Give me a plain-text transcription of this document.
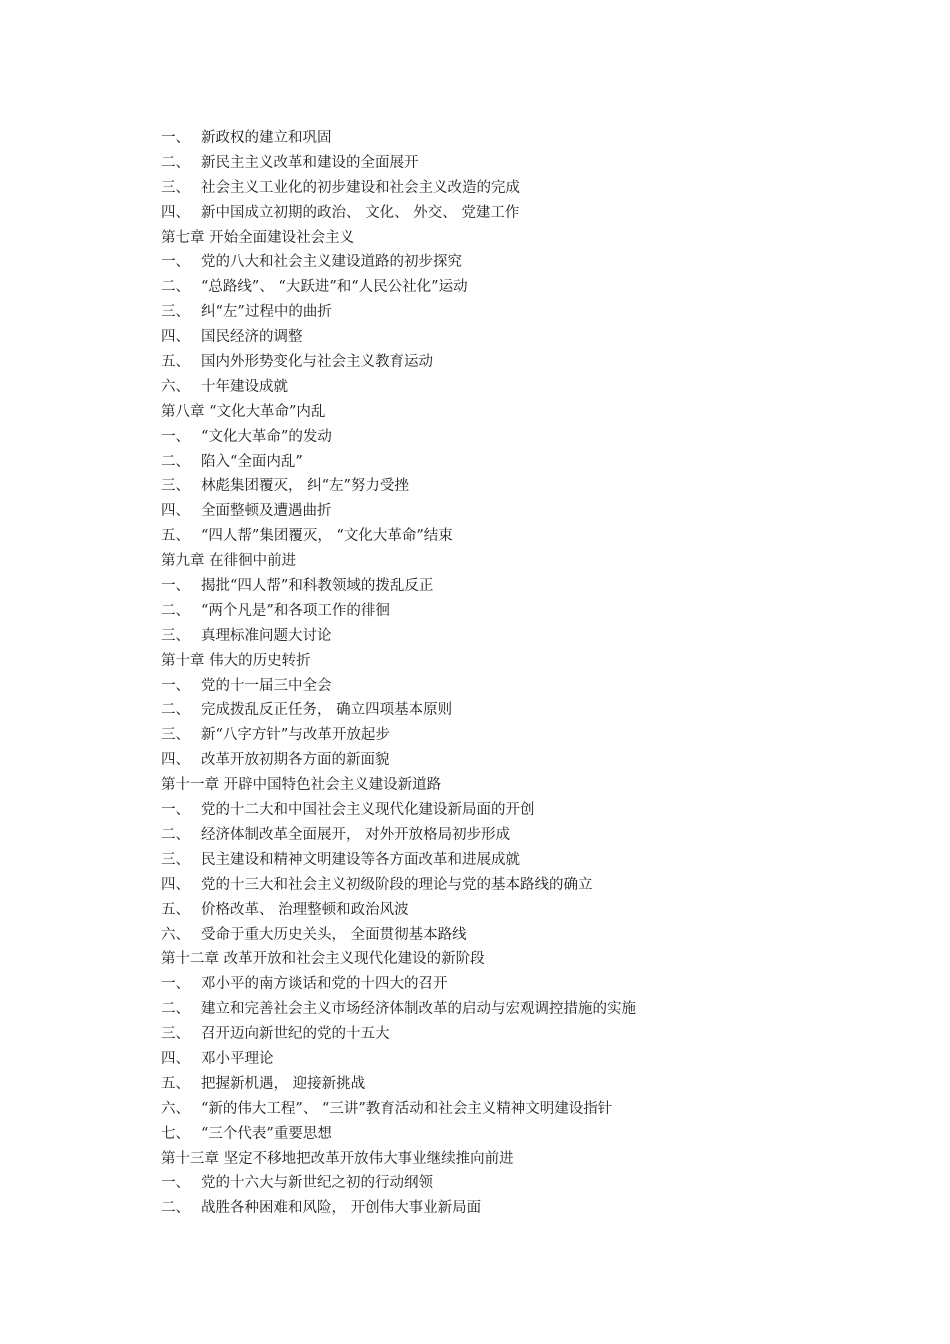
一、 新政权的建立和巩固
二、 新民主主义改革和建设的全面展开
三、 社会主义工业化的初步建设和社会主义改造的完成
四、 新中国成立初期的政治、 文化、 外交、 党建工作
第七章 开始全面建设社会主义
一、 党的八大和社会主义建设道路的初步探究
二、 “总路线”、 “大跃进”和“人民公社化”运动
三、 纠“左”过程中的曲折
四、 国民经济的调整
五、 国内外形势变化与社会主义教育运动
六、 十年建设成就
第八章 “文化大革命”内乱
一、 “文化大革命”的发动
二、 陷入“全面内乱”
三、 林彪集团覆灭， 纠“左”努力受挫
四、 全面整顿及遭遇曲折
五、 “四人帮”集团覆灭， “文化大革命”结束
第九章 在徘徊中前进
一、 揭批“四人帮”和科教领域的拨乱反正
二、 “两个凡是”和各项工作的徘徊
三、 真理标准问题大讨论
第十章 伟大的历史转折
一、 党的十一届三中全会
二、 完成拨乱反正任务， 确立四项基本原则
三、 新“八字方针”与改革开放起步
四、 改革开放初期各方面的新面貌
第十一章 开辟中国特色社会主义建设新道路
一、 党的十二大和中国社会主义现代化建设新局面的开创
二、 经济体制改革全面展开， 对外开放格局初步形成
三、 民主建设和精神文明建设等各方面改革和进展成就
四、 党的十三大和社会主义初级阶段的理论与党的基本路线的确立
五、 价格改革、 治理整顿和政治风波
六、 受命于重大历史关头， 全面贯彻基本路线
第十二章 改革开放和社会主义现代化建设的新阶段
一、 邓小平的南方谈话和党的十四大的召开
二、 建立和完善社会主义市场经济体制改革的启动与宏观调控措施的实施
三、 召开迈向新世纪的党的十五大
四、 邓小平理论
五、 把握新机遇， 迎接新挑战
六、 “新的伟大工程”、 “三讲”教育活动和社会主义精神文明建设指针
七、 “三个代表”重要思想
第十三章 坚定不移地把改革开放伟大事业继续推向前进
一、 党的十六大与新世纪之初的行动纲领
二、 战胜各种困难和风险， 开创伟大事业新局面
